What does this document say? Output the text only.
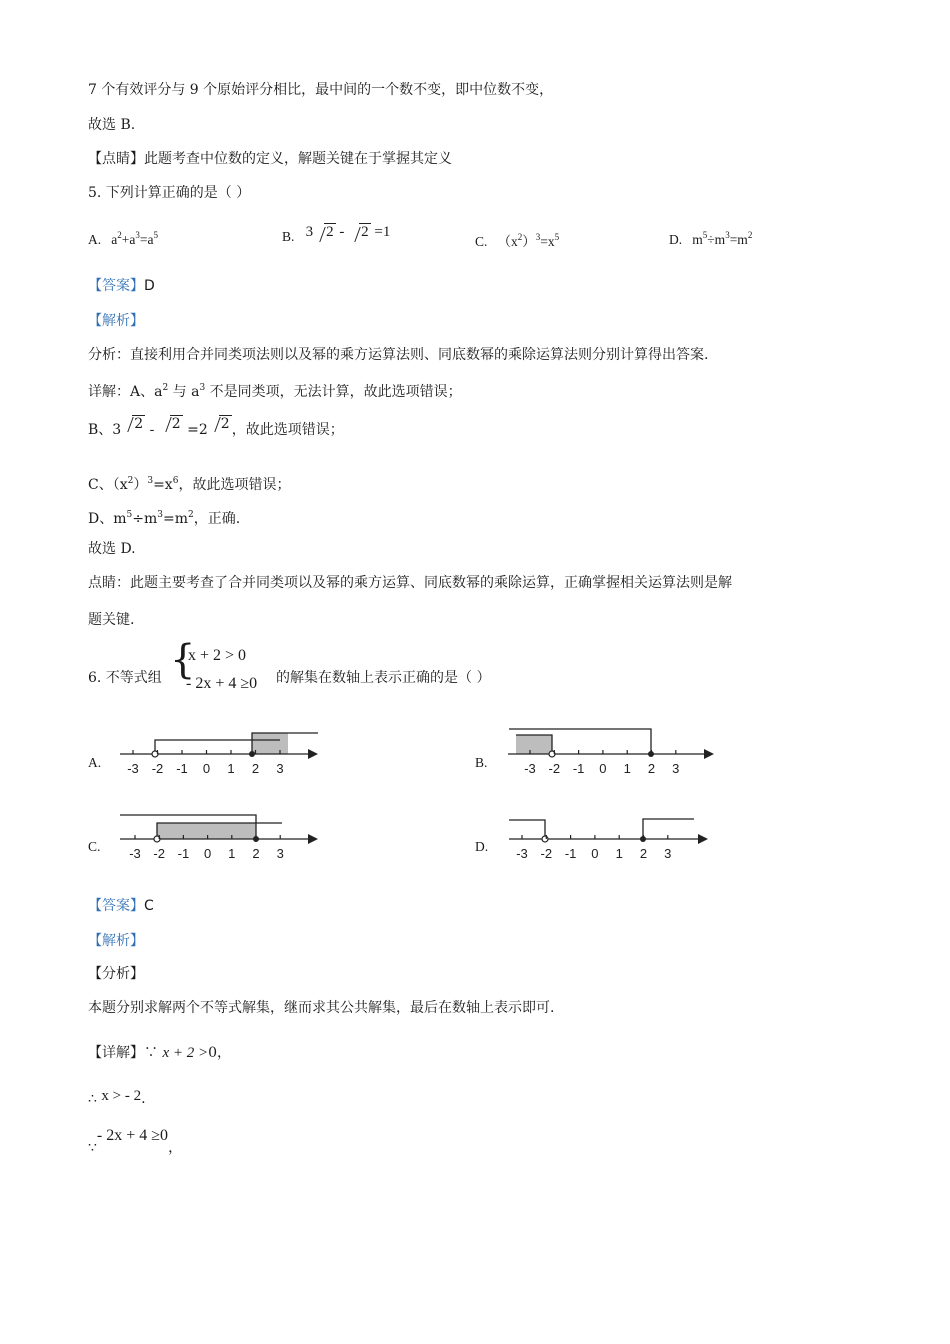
7 个有效评分与 9 个原始评分相比，最中间的一个数不变，即中位数不变，
故选 B.
【点睛】此题考查中位数的定义，解题关键在于掌握其定义
5. 下列计算正确的是（ ）
A. $a^2+a^3=a^5$	B. 3 2 - 2 =1
C. $(x^2)^3=x^5$	D. $m^5\div m^3=m^2$
【答案】D
【解析】
分析：直接利用合并同类项法则以及幂的乘方运算法则、同底数幂的乘除运算法则分别计算得出答案.
详解：A、$a^2$ 与 $a^3$ 不是同类项，无法计算，故此选项错误；
B、3 2 - 2 =2 2 ，故此选项错误；
C、$(x^2)^3=x^6$，故此选项错误；
D、$m^5\div m^3=m^2$，正确.
故选 D.
点睛：此题主要考查了合并同类项以及幂的乘方运算、同底数幂的乘除运算，正确掌握相关运算法则是解
题关键.
6. 不等式组 {
x + 2 > 0
- 2x + 4 ≥0 的解集在数轴上表示正确的是（ ）
A.	B.
C.	D.
-3 -2 -1 0 1 2 3	-3 -2 -1 0 1 2 3
-3 -2 -1 0 1 2 3	-3 -2 -1 0 1 2 3
【答案】C
【解析】
【分析】
本题分别求解两个不等式解集，继而求其公共解集，最后在数轴上表示即可.
【详解】∵ x + 2 >0，
∴ x > - 2.
∵- 2x + 4 ≥0，
